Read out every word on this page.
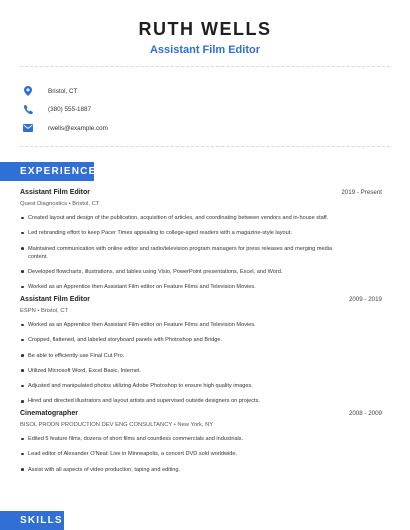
RUTH WELLS
Assistant Film Editor
Bristol, CT
(380) 555-1887
rwells@example.com
EXPERIENCE
Assistant Film Editor	2019 - Present
Quest Diagnostics • Bristol, CT
Created layout and design of the publication, acquisition of articles, and coordinating between vendors and in-house staff.
Led rebranding effort to keep Pacer Times appealing to college-aged readers with a magazine-style layout.
Maintained communication with online editor and radio/television program managers for press releases and merging media content.
Developed flowcharts, illustrations, and tables using Visio, PowerPoint presentations, Excel, and Word.
Worked as an Apprentice then Assistant Film editor on Feature Films and Television Movies.
Assistant Film Editor	2009 - 2019
ESPN • Bristol, CT
Worked as an Apprentice then Assistant Film editor on Feature Films and Television Movies.
Cropped, flattened, and labeled storyboard panels with Photoshop and Bridge.
Be able to efficiently use Final Cut Pro.
Utilized Microsoft Word, Excel Basic, Internet.
Adjusted and manipulated photos utilizing Adobe Photoshop to ensure high quality images.
Hired and directed illustrators and layout artists and supervised outside designers on projects.
Cinematographer	2008 - 2009
BISOL PRODN PRODUCTION DEV ENG CONSULTANCY • New York, NY
Edited 5 feature films, dozens of short films and countless commercials and industrials.
Lead editor of Alexander O'Neal: Live in Minneapolis, a concert DVD sold worldwide.
Assist with all aspects of video production, taping and editing.
SKILLS
